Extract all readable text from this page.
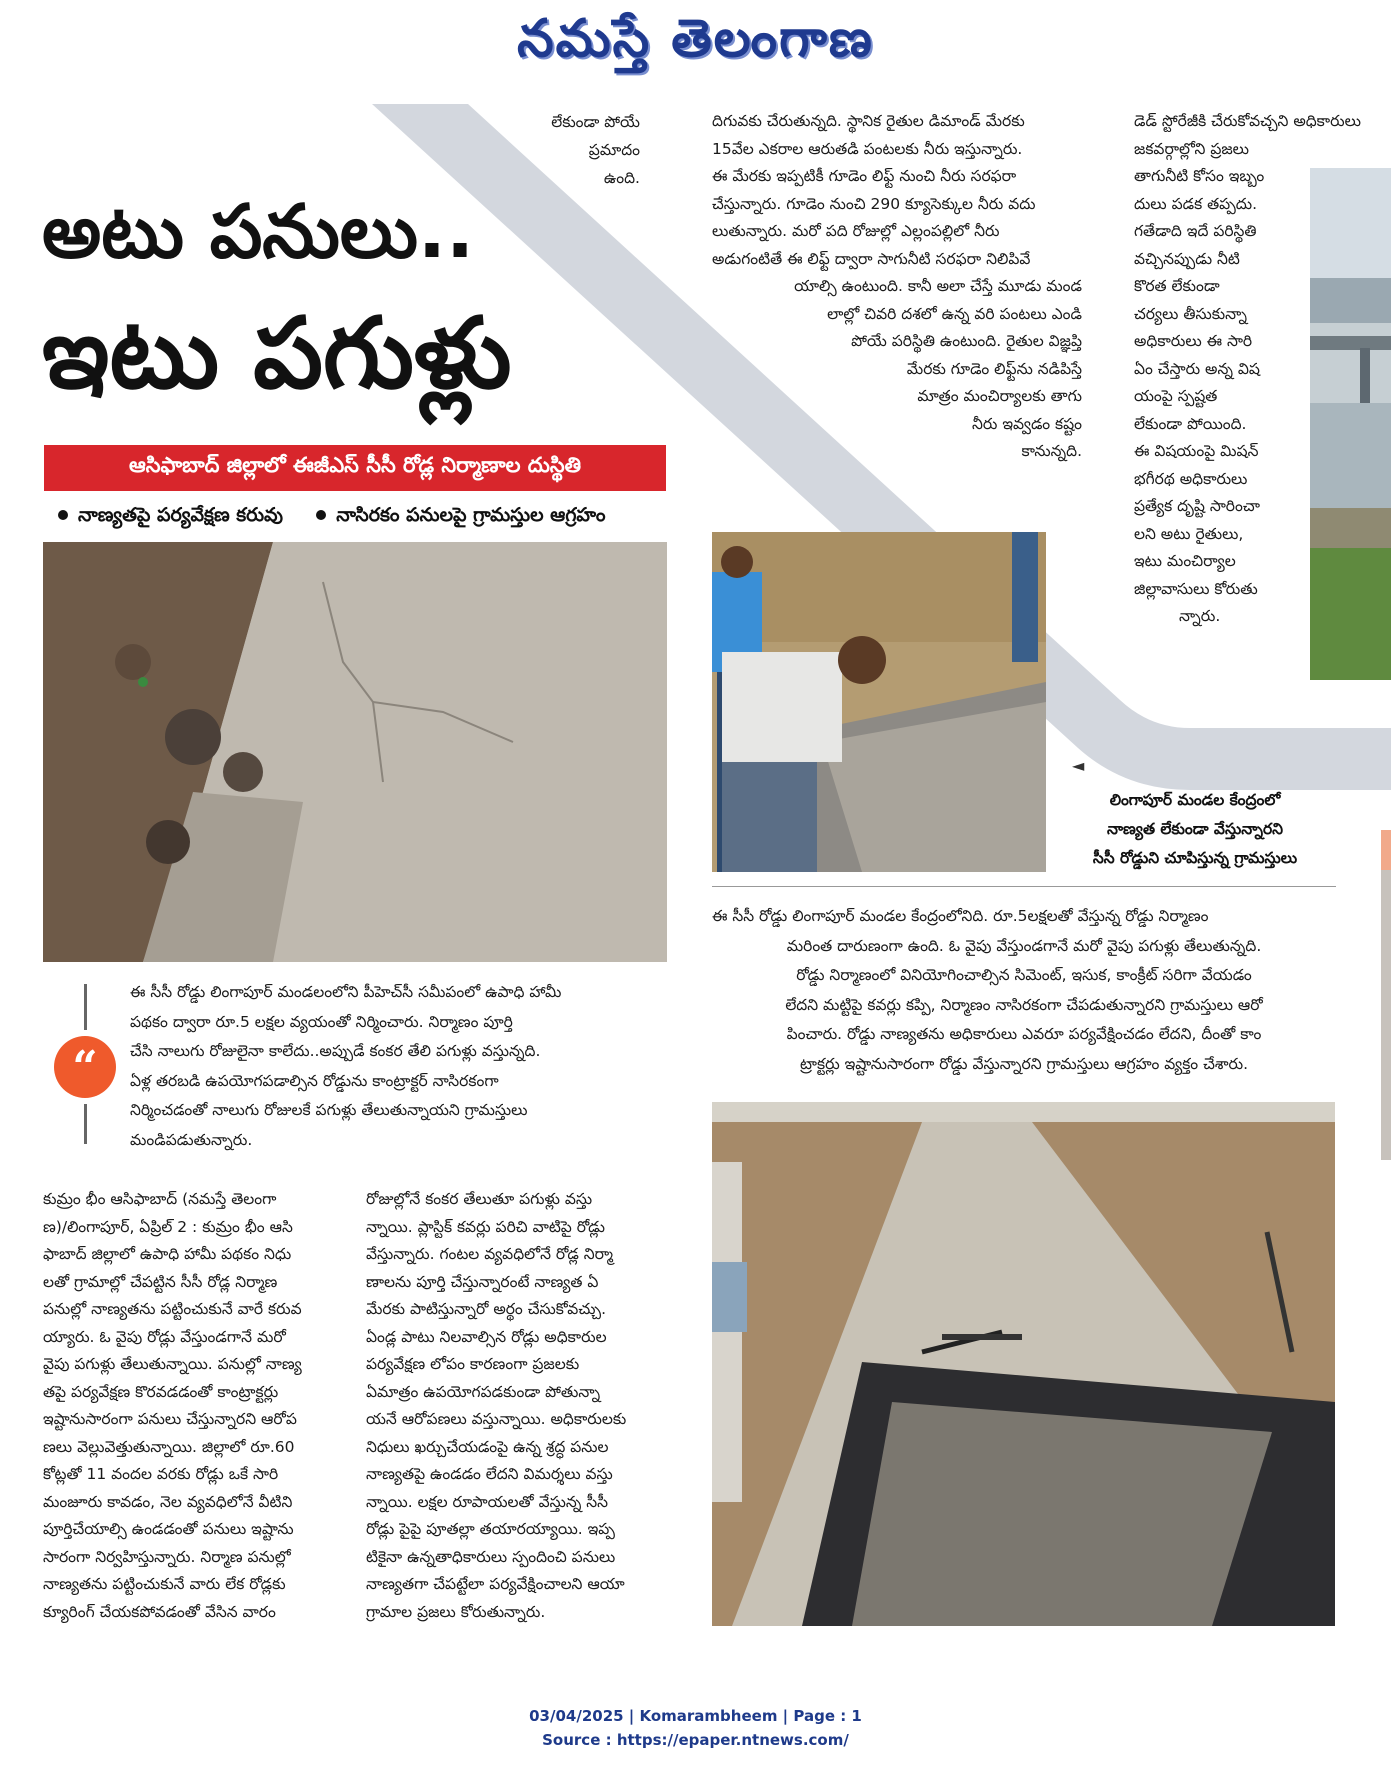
నమస్తే తెలంగాణ
లేకుండా పోయే
ప్రమాదం
ఉంది.
అటు పనులు..
ఇటు పగుళ్లు
ఆసిఫాబాద్ జిల్లాలో ఈజీఎస్ సీసీ రోడ్ల నిర్మాణాల దుస్థితి
నాణ్యతపై పర్యవేక్షణ కరువు	నాసిరకం పనులపై గ్రామస్తుల ఆగ్రహం
దిగువకు చేరుతున్నది. స్థానిక రైతుల డిమాండ్ మేరకు
15వేల ఎకరాల ఆరుతడి పంటలకు నీరు ఇస్తున్నారు.
ఈ మేరకు ఇప్పటికీ గూడెం లిఫ్ట్ నుంచి నీరు సరఫరా
చేస్తున్నారు. గూడెం నుంచి 290 క్యూసెక్కుల నీరు వదు
లుతున్నారు. మరో పది రోజుల్లో ఎల్లంపల్లిలో నీరు
అడుగంటితే ఈ లిఫ్ట్ ద్వారా సాగునీటి సరఫరా నిలిపివే
యాల్సి ఉంటుంది. కానీ అలా చేస్తే మూడు మండ
లాల్లో చివరి దశలో ఉన్న వరి పంటలు ఎండి
పోయే పరిస్థితి ఉంటుంది. రైతుల విజ్ఞప్తి
మేరకు గూడెం లిఫ్ట్‌ను నడిపిస్తే
మాత్రం మంచిర్యాలకు తాగు
నీరు ఇవ్వడం కష్టం
కానున్నది.
డెడ్ స్టోరేజీకి చేరుకోవచ్చని అధికారులు
జకవర్గాల్లోని ప్రజలు
తాగునీటి కోసం ఇబ్బం
దులు పడక తప్పదు.
గతేడాది ఇదే పరిస్థితి
వచ్చినప్పుడు నీటి
కొరత లేకుండా
చర్యలు తీసుకున్నా
అధికారులు ఈ సారి
ఏం చేస్తారు అన్న విష
యంపై స్పష్టత
లేకుండా పోయింది.
ఈ విషయంపై మిషన్
భగీరథ అధికారులు
ప్రత్యేక దృష్టి సారించా
లని అటు రైతులు,
ఇటు మంచిర్యాల
జిల్లావాసులు కోరుతు
న్నారు.
◄
లింగాపూర్ మండల కేంద్రంలో
నాణ్యత లేకుండా వేస్తున్నారని
సీసీ రోడ్డుని చూపిస్తున్న గ్రామస్తులు
ఈ సీసీ రోడ్డు లింగాపూర్ మండల కేంద్రంలోనిది. రూ.5లక్షలతో వేస్తున్న రోడ్డు నిర్మాణం
మరింత దారుణంగా ఉంది. ఓ వైపు వేస్తుండగానే మరో వైపు పగుళ్లు తేలుతున్నది.
రోడ్డు నిర్మాణంలో వినియోగించాల్సిన సిమెంట్, ఇసుక, కాంక్రీట్ సరిగా వేయడం
లేదని మట్టిపై కవర్లు కప్పి, నిర్మాణం నాసిరకంగా చేపడుతున్నారని గ్రామస్తులు ఆరో
పించారు. రోడ్డు నాణ్యతను అధికారులు ఎవరూ పర్యవేక్షించడం లేదని, దీంతో కాం
ట్రాక్టర్లు ఇష్టానుసారంగా రోడ్డు వేస్తున్నారని గ్రామస్తులు ఆగ్రహం వ్యక్తం చేశారు.
“
ఈ సీసీ రోడ్డు లింగాపూర్ మండలంలోని పీహెచ్‌సీ సమీపంలో ఉపాధి హామీ
పథకం ద్వారా రూ.5 లక్షల వ్యయంతో నిర్మించారు. నిర్మాణం పూర్తి
చేసి నాలుగు రోజులైనా కాలేదు..అప్పుడే కంకర తేలి పగుళ్లు వస్తున్నది.
ఏళ్ల తరబడి ఉపయోగపడాల్సిన రోడ్డును కాంట్రాక్టర్ నాసిరకంగా
నిర్మించడంతో నాలుగు రోజులకే పగుళ్లు తేలుతున్నాయని గ్రామస్తులు
మండిపడుతున్నారు.
కుమ్రం భీం ఆసిఫాబాద్ (నమస్తే తెలంగా
ణ)/లింగాపూర్, ఏప్రిల్ 2 : కుమ్రం భీం ఆసి
ఫాబాద్ జిల్లాలో ఉపాధి హామీ పథకం నిధు
లతో గ్రామాల్లో చేపట్టిన సీసీ రోడ్ల నిర్మాణ
పనుల్లో నాణ్యతను పట్టించుకునే వారే కరువ
య్యారు. ఓ వైపు రోడ్లు వేస్తుండగానే మరో
వైపు పగుళ్లు తేలుతున్నాయి. పనుల్లో నాణ్య
తపై పర్యవేక్షణ కొరవడడంతో కాంట్రాక్టర్లు
ఇష్టానుసారంగా పనులు చేస్తున్నారని ఆరోప
ణలు వెల్లువెత్తుతున్నాయి. జిల్లాలో రూ.60
కోట్లతో 11 వందల వరకు రోడ్లు ఒకే సారి
మంజూరు కావడం, నెల వ్యవధిలోనే వీటిని
పూర్తిచేయాల్సి ఉండడంతో పనులు ఇష్టాను
సారంగా నిర్వహిస్తున్నారు. నిర్మాణ పనుల్లో
నాణ్యతను పట్టించుకునే వారు లేక రోడ్లకు
క్యూరింగ్ చేయకపోవడంతో వేసిన వారం
రోజుల్లోనే కంకర తేలుతూ పగుళ్లు వస్తు
న్నాయి. ప్లాస్టిక్ కవర్లు పరిచి వాటిపై రోడ్లు
వేస్తున్నారు. గంటల వ్యవధిలోనే రోడ్ల నిర్మా
ణాలను పూర్తి చేస్తున్నారంటే నాణ్యత ఏ
మేరకు పాటిస్తున్నారో అర్థం చేసుకోవచ్చు.
ఏండ్ల పాటు నిలవాల్సిన రోడ్లు అధికారుల
పర్యవేక్షణ లోపం కారణంగా ప్రజలకు
ఏమాత్రం ఉపయోగపడకుండా పోతున్నా
యనే ఆరోపణలు వస్తున్నాయి. అధికారులకు
నిధులు ఖర్చుచేయడంపై ఉన్న శ్రద్ధ పనుల
నాణ్యతపై ఉండడం లేదని విమర్శలు వస్తు
న్నాయి. లక్షల రూపాయలతో వేస్తున్న సీసీ
రోడ్లు పైపై పూతల్లా తయారయ్యాయి. ఇప్ప
టికైనా ఉన్నతాధికారులు స్పందించి పనులు
నాణ్యతగా చేపట్టేలా పర్యవేక్షించాలని ఆయా
గ్రామాల ప్రజలు కోరుతున్నారు.
03/04/2025 | Komarambheem | Page : 1
Source : https://epaper.ntnews.com/
